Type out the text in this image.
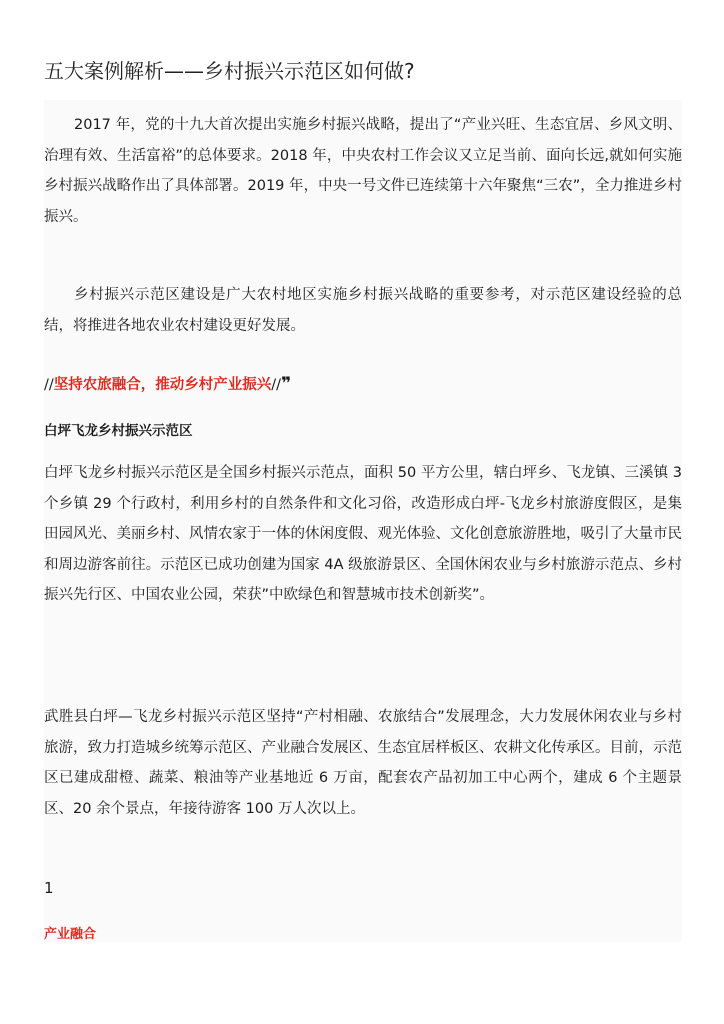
五大案例解析——乡村振兴示范区如何做?

2017 年，党的十九大首次提出实施乡村振兴战略，提出了“产业兴旺、生态宜居、乡风文明、治理有效、生活富裕”的总体要求。2018 年，中央农村工作会议又立足当前、面向长远,就如何实施乡村振兴战略作出了具体部署。2019 年，中央一号文件已连续第十六年聚焦“三农”，全力推进乡村振兴。

乡村振兴示范区建设是广大农村地区实施乡村振兴战略的重要参考，对示范区建设经验的总结，将推进各地农业农村建设更好发展。

//坚持农旅融合，推动乡村产业振兴//❞
白坪飞龙乡村振兴示范区

白坪飞龙乡村振兴示范区是全国乡村振兴示范点，面积 50 平方公里，辖白坪乡、飞龙镇、三溪镇 3 个乡镇 29 个行政村，利用乡村的自然条件和文化习俗，改造形成白坪-飞龙乡村旅游度假区，是集田园风光、美丽乡村、风情农家于一体的休闲度假、观光体验、文化创意旅游胜地，吸引了大量市民和周边游客前往。示范区已成功创建为国家 4A 级旅游景区、全国休闲农业与乡村旅游示范点、乡村振兴先行区、中国农业公园，荣获”中欧绿色和智慧城市技术创新奖”。

武胜县白坪—飞龙乡村振兴示范区坚持“产村相融、农旅结合”发展理念，大力发展休闲农业与乡村旅游，致力打造城乡统筹示范区、产业融合发展区、生态宜居样板区、农耕文化传承区。目前，示范区已建成甜橙、蔬菜、粮油等产业基地近 6 万亩，配套农产品初加工中心两个，建成 6 个主题景区、20 余个景点，年接待游客 100 万人次以上。

1
产业融合
